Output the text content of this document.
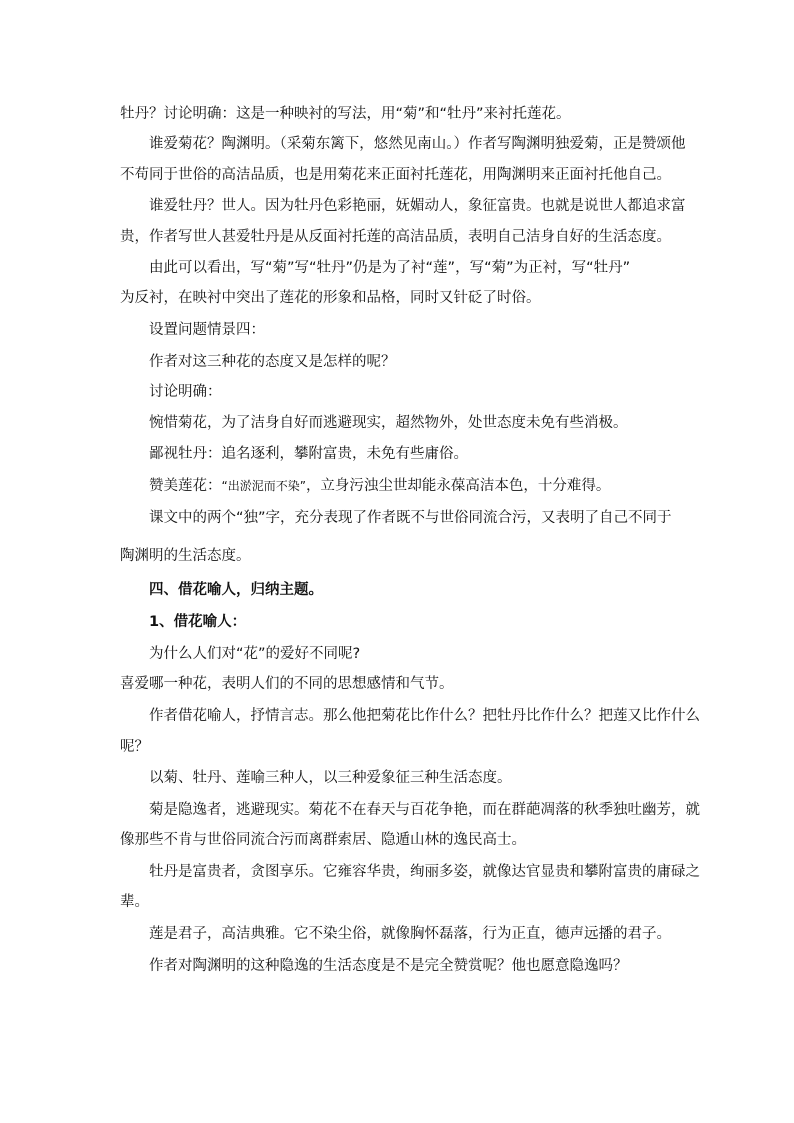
牡丹？讨论明确：这是一种映衬的写法，用“菊”和“牡丹”来衬托莲花。
谁爱菊花？陶渊明。（采菊东篱下，悠然见南山。）作者写陶渊明独爱菊，正是赞颂他
不苟同于世俗的高洁品质，也是用菊花来正面衬托莲花，用陶渊明来正面衬托他自己。
谁爱牡丹？世人。因为牡丹色彩艳丽，妩媚动人，象征富贵。也就是说世人都追求富
贵，作者写世人甚爱牡丹是从反面衬托莲的高洁品质，表明自己洁身自好的生活态度。
由此可以看出，写“菊”写“牡丹”仍是为了衬“莲”，写“菊”为正衬，写“牡丹”
为反衬，在映衬中突出了莲花的形象和品格，同时又针砭了时俗。
设置问题情景四：
作者对这三种花的态度又是怎样的呢？
讨论明确：
惋惜菊花，为了洁身自好而逃避现实，超然物外，处世态度未免有些消极。
鄙视牡丹：追名逐利，攀附富贵，未免有些庸俗。
赞美莲花：“出淤泥而不染”，立身污浊尘世却能永葆高洁本色，十分难得。
课文中的两个“独”字，充分表现了作者既不与世俗同流合污，又表明了自己不同于
陶渊明的生活态度。
四、借花喻人，归纳主题。
1、借花喻人：
为什么人们对“花”的爱好不同呢?
喜爱哪一种花，表明人们的不同的思想感情和气节。
作者借花喻人，抒情言志。那么他把菊花比作什么？把牡丹比作什么？把莲又比作什么
呢？
以菊、牡丹、莲喻三种人，以三种爱象征三种生活态度。
菊是隐逸者，逃避现实。菊花不在春天与百花争艳，而在群葩凋落的秋季独吐幽芳，就
像那些不肯与世俗同流合污而离群索居、隐遁山林的逸民高士。
牡丹是富贵者，贪图享乐。它雍容华贵，绚丽多姿，就像达官显贵和攀附富贵的庸碌之
辈。
莲是君子，高洁典雅。它不染尘俗，就像胸怀磊落，行为正直，德声远播的君子。
作者对陶渊明的这种隐逸的生活态度是不是完全赞赏呢？他也愿意隐逸吗？
